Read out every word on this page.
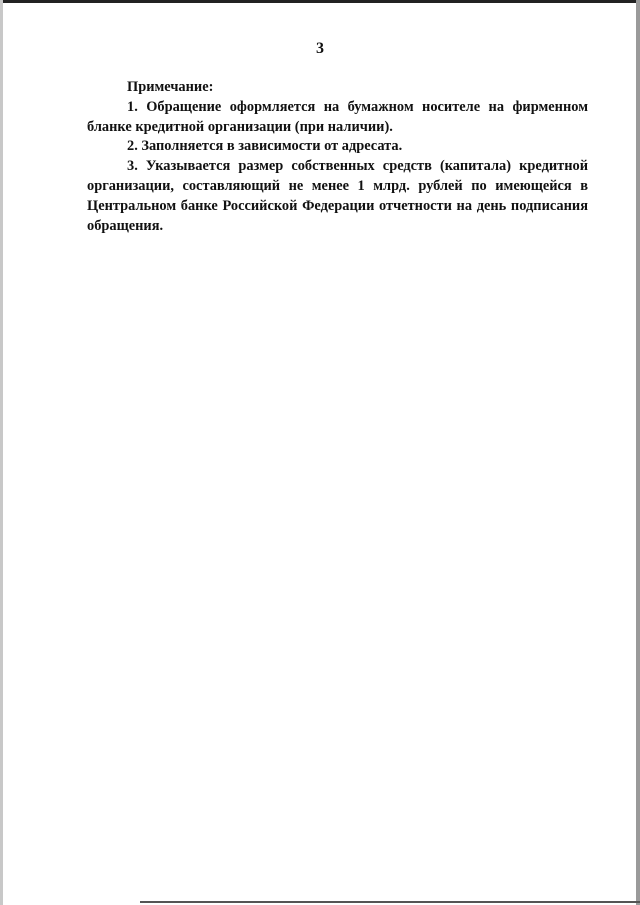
3

Примечание:

1. Обращение оформляется на бумажном носителе на фирменном бланке кредитной организации (при наличии).

2. Заполняется в зависимости от адресата.

3. Указывается размер собственных средств (капитала) кредитной организации, составляющий не менее 1 млрд. рублей по имеющейся в Центральном банке Российской Федерации отчетности на день подписания обращения.
